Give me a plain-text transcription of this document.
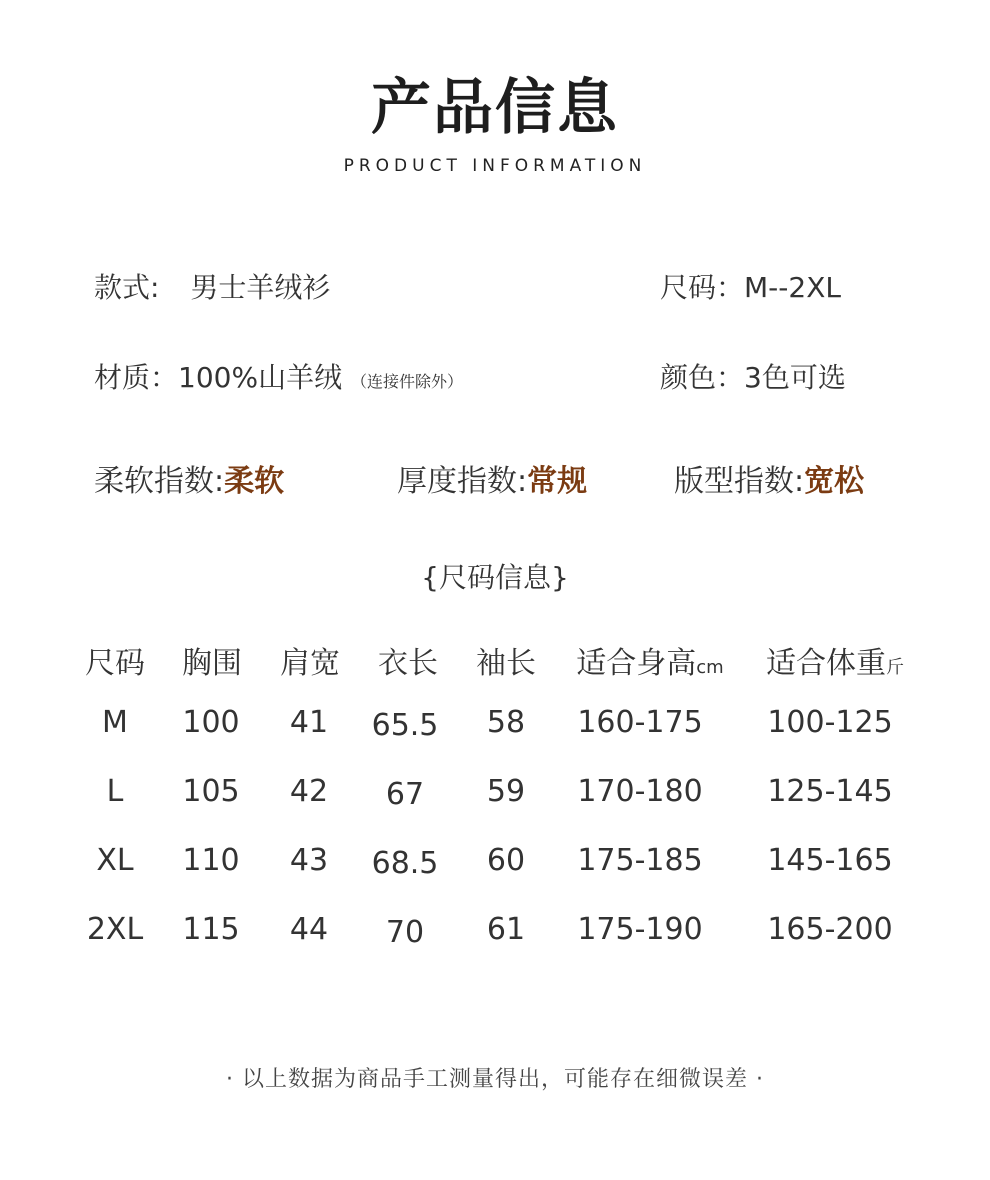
产品信息
PRODUCT INFORMATION
款式: 男士羊绒衫	尺码：M--2XL
材质：100%山羊绒 （连接件除外）	颜色：3色可选
柔软指数:柔软	厚度指数:常规	版型指数:宽松
{尺码信息}
尺码 胸围 肩宽 衣长 袖长 适合身高cm 适合体重斤
M 100 41 65.5 58 160-175 100-125
L 105 42 67 59 170-180 125-145
XL 110 43 68.5 60 175-185 145-165
2XL 115 44 70 61 175-190 165-200
· 以上数据为商品手工测量得出，可能存在细微误差 ·
